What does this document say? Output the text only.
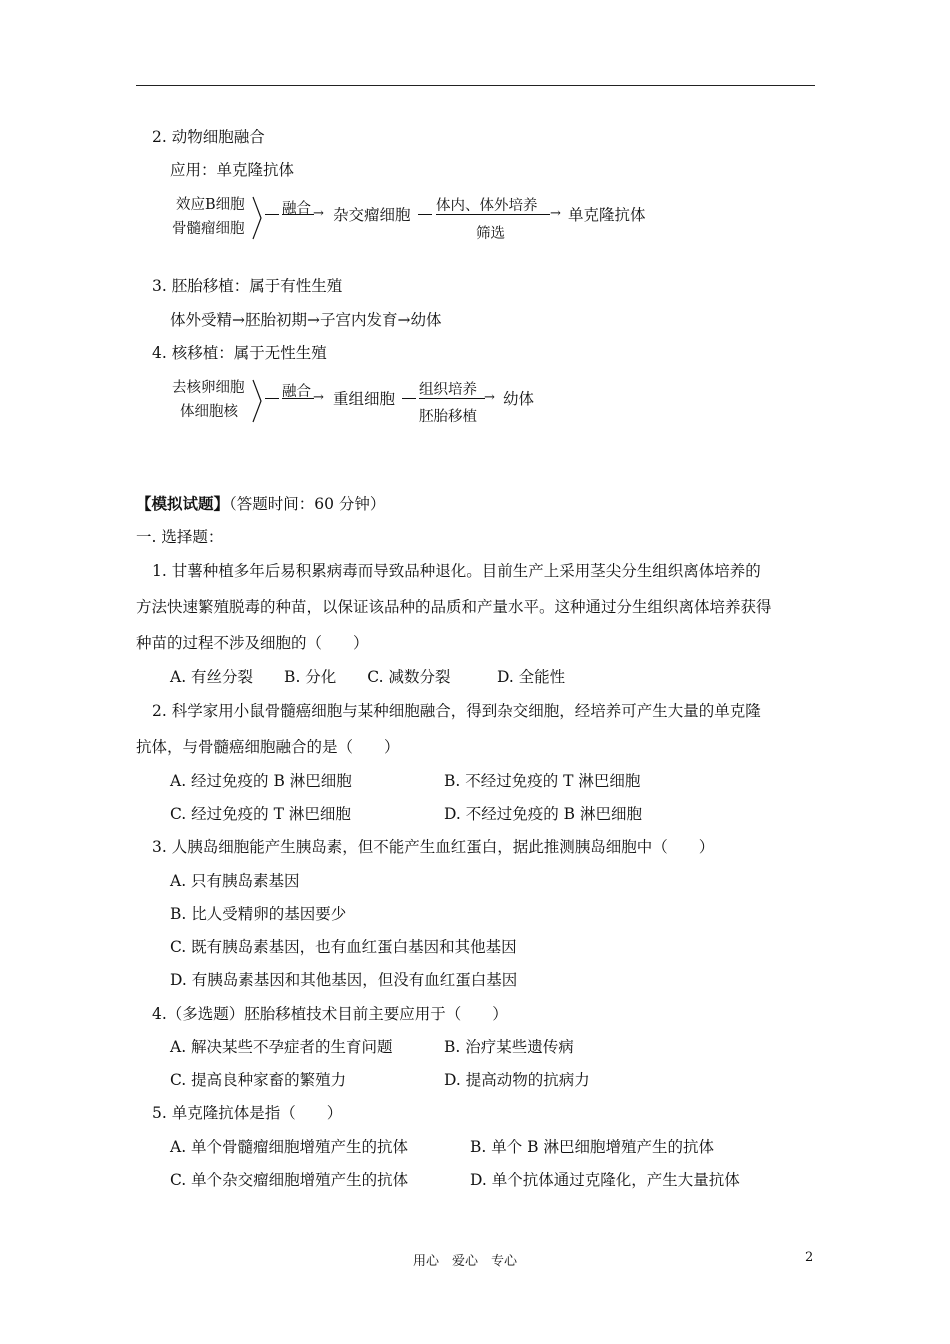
2. 动物细胞融合
应用：单克隆抗体
效应B细胞
骨髓瘤细胞
融合 → 杂交瘤细胞 体内、体外培养 →
筛选
单克隆抗体
3. 胚胎移植：属于有性生殖
体外受精→胚胎初期→子宫内发育→幼体
4. 核移植：属于无性生殖
去核卵细胞
体细胞核
融合 → 重组细胞 组织培养 →
胚胎移植
幼体
【模拟试题】（答题时间：60 分钟）
一. 选择题：
1. 甘薯种植多年后易积累病毒而导致品种退化。目前生产上采用茎尖分生组织离体培养的
方法快速繁殖脱毒的种苗，以保证该品种的品质和产量水平。这种通过分生组织离体培养获得
种苗的过程不涉及细胞的（　　）
A. 有丝分裂　　B. 分化　　C. 减数分裂　　　D. 全能性
2. 科学家用小鼠骨髓癌细胞与某种细胞融合，得到杂交细胞，经培养可产生大量的单克隆
抗体，与骨髓癌细胞融合的是（　　）
A. 经过免疫的 B 淋巴细胞	B. 不经过免疫的 T 淋巴细胞
C. 经过免疫的 T 淋巴细胞	D. 不经过免疫的 B 淋巴细胞
3. 人胰岛细胞能产生胰岛素，但不能产生血红蛋白，据此推测胰岛细胞中（　　）
A. 只有胰岛素基因
B. 比人受精卵的基因要少
C. 既有胰岛素基因，也有血红蛋白基因和其他基因
D. 有胰岛素基因和其他基因，但没有血红蛋白基因
4.（多选题）胚胎移植技术目前主要应用于（　　）
A. 解决某些不孕症者的生育问题	B. 治疗某些遗传病
C. 提高良种家畜的繁殖力	D. 提高动物的抗病力
5. 单克隆抗体是指（　　）
A. 单个骨髓瘤细胞增殖产生的抗体	B. 单个 B 淋巴细胞增殖产生的抗体
C. 单个杂交瘤细胞增殖产生的抗体	D. 单个抗体通过克隆化，产生大量抗体
用心　爱心　专心	2
